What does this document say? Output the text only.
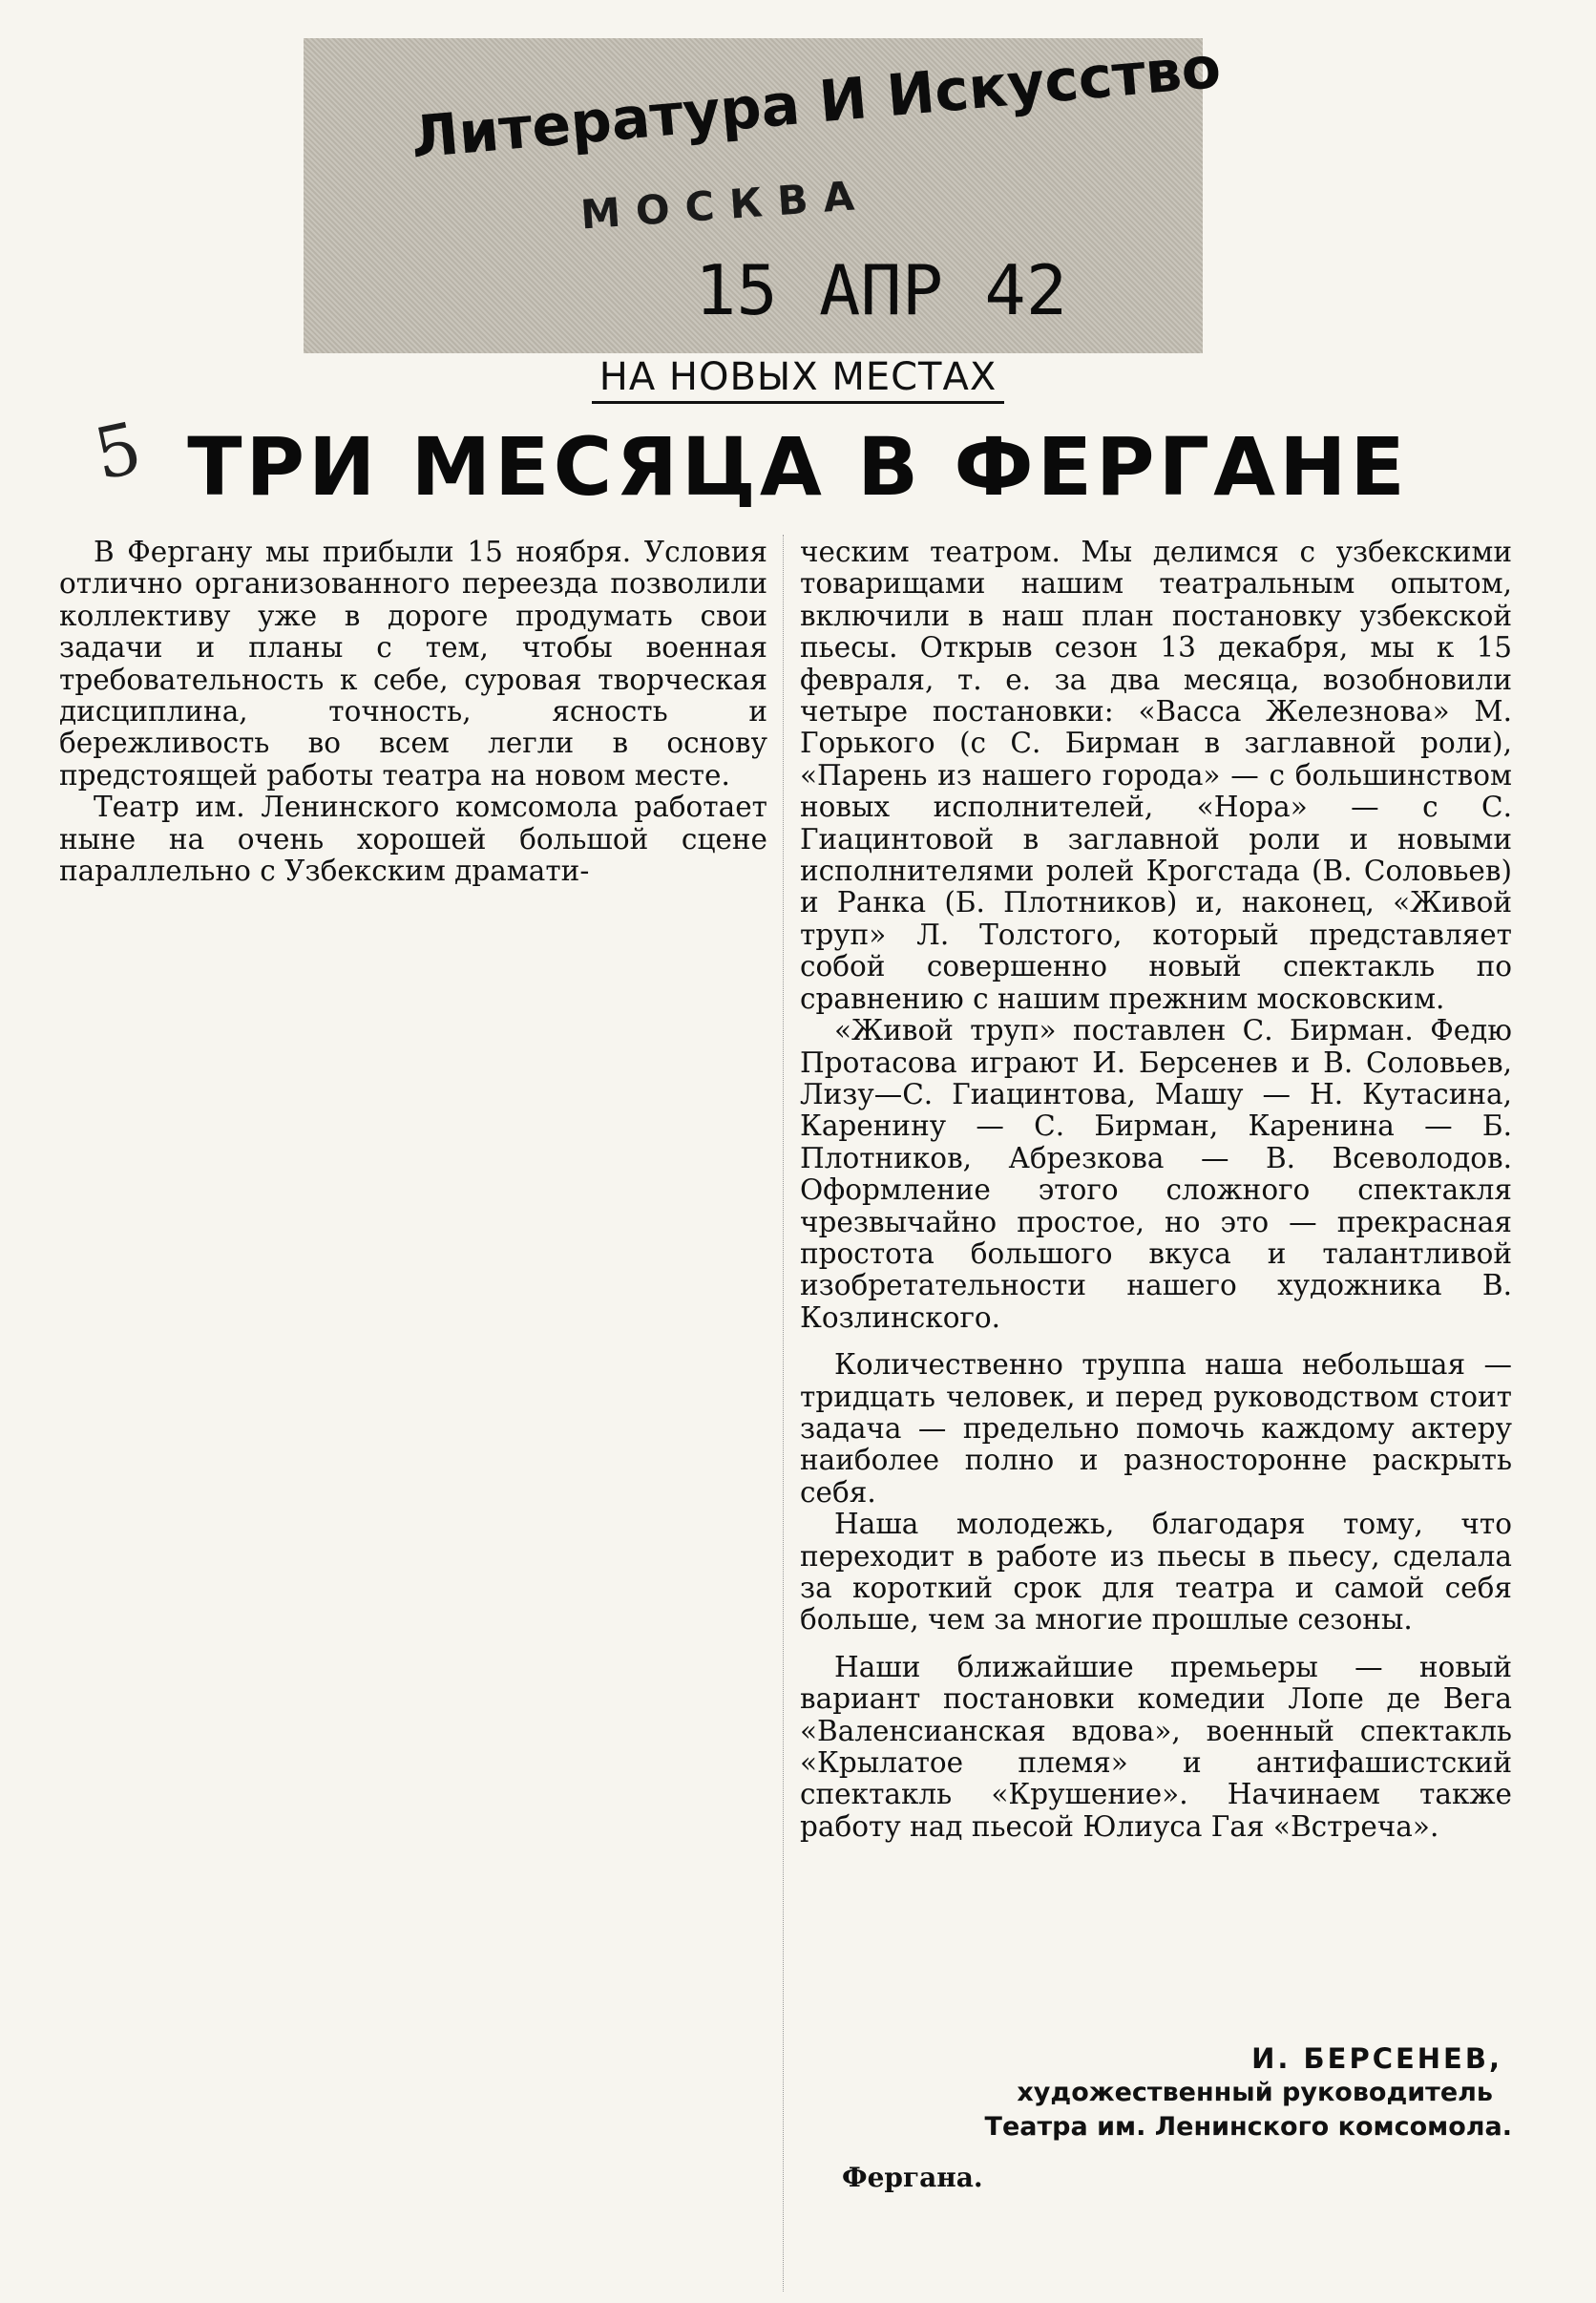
Литература И Искусство
МОСКВА
15 АПР 42
НА НОВЫХ МЕСТАХ
5 ТРИ МЕСЯЦА В ФЕРГАНЕ

В Фергану мы прибыли 15 ноября. Условия отлично организованного переезда позволили коллективу уже в дороге продумать свои задачи и планы с тем, чтобы военная требовательность к себе, суровая творческая дисциплина, точность, ясность и бережливость во всем легли в основу предстоящей работы театра на новом месте.

Театр им. Ленинского комсомола работает ныне на очень хорошей большой сцене параллельно с Узбекским драмати-

ческим театром. Мы делимся с узбекскими товарищами нашим театральным опытом, включили в наш план постановку узбекской пьесы. Открыв сезон 13 декабря, мы к 15 февраля, т. е. за два месяца, возобновили четыре постановки: «Васса Железнова» М. Горького (с С. Бирман в заглавной роли), «Парень из нашего города» — с большинством новых исполнителей, «Нора» — с С. Гиацинтовой в заглавной роли и новыми исполнителями ролей Крогстада (В. Соловьев) и Ранка (Б. Плотников) и, наконец, «Живой труп» Л. Толстого, который представляет собой совершенно новый спектакль по сравнению с нашим прежним московским.

«Живой труп» поставлен С. Бирман. Федю Протасова играют И. Берсенев и В. Соловьев, Лизу—С. Гиацинтова, Машу — Н. Кутасина, Каренину — С. Бирман, Каренина — Б. Плотников, Абрезкова — В. Всеволодов. Оформление этого сложного спектакля чрезвычайно простое, но это — прекрасная простота большого вкуса и талантливой изобретательности нашего художника В. Козлинского.

Количественно труппа наша небольшая — тридцать человек, и перед руководством стоит задача — предельно помочь каждому актеру наиболее полно и разносторонне раскрыть себя.

Наша молодежь, благодаря тому, что переходит в работе из пьесы в пьесу, сделала за короткий срок для театра и самой себя больше, чем за многие прошлые сезоны.

Наши ближайшие премьеры — новый вариант постановки комедии Лопе де Вега «Валенсианская вдова», военный спектакль «Крылатое племя» и антифашистский спектакль «Крушение». Начинаем также работу над пьесой Юлиуса Гая «Встреча».

И. БЕРСЕНЕВ,
художественный руководитель
Театра им. Ленинского комсомола.
Фергана.
